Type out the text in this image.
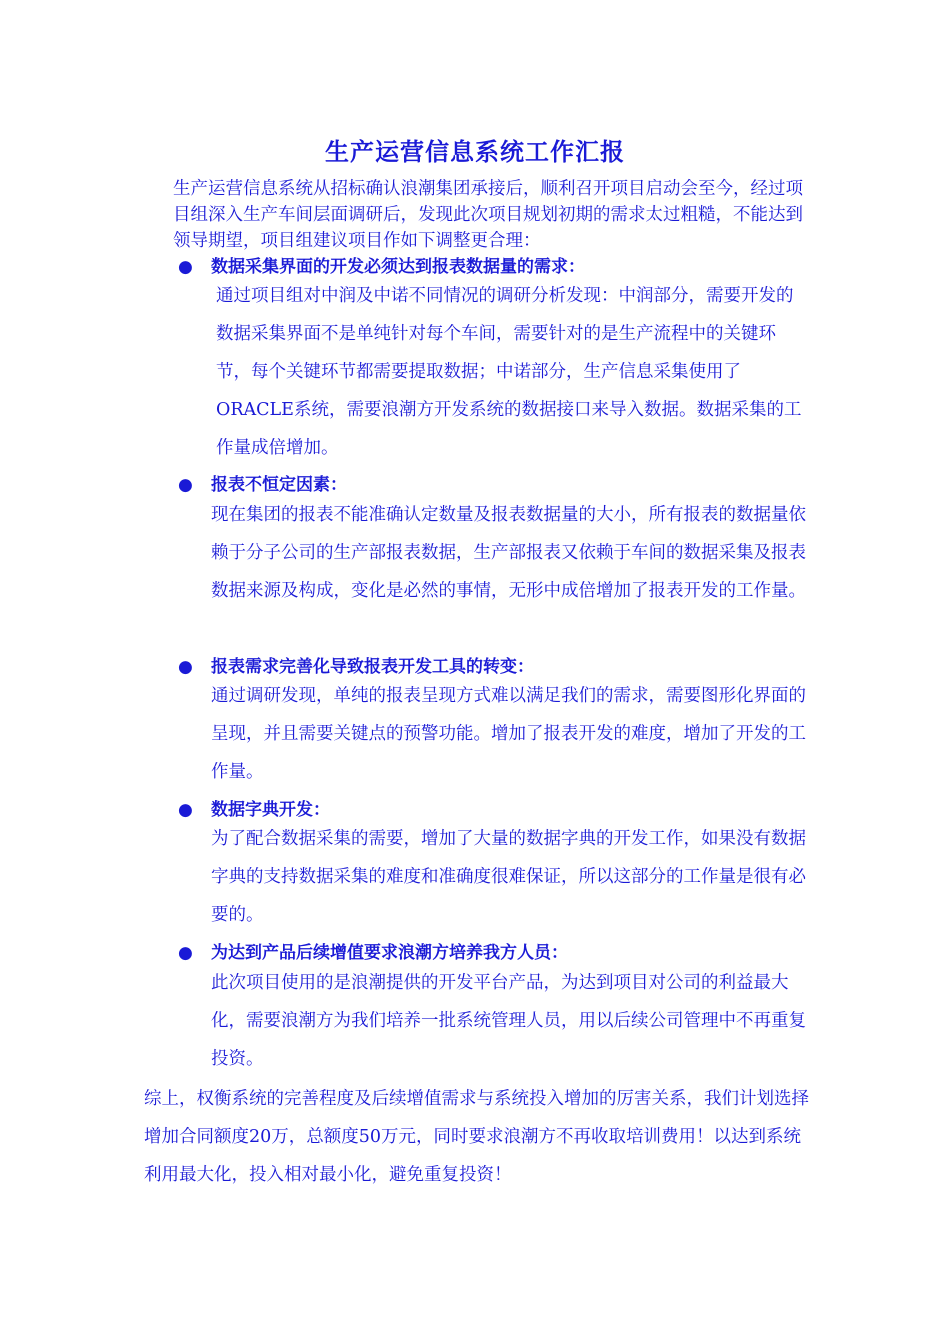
生产运营信息系统工作汇报
生产运营信息系统从招标确认浪潮集团承接后，顺利召开项目启动会至今，经过项目组深入生产车间层面调研后，发现此次项目规划初期的需求太过粗糙，不能达到领导期望，项目组建议项目作如下调整更合理：
● 数据采集界面的开发必须达到报表数据量的需求：
通过项目组对中润及中诺不同情况的调研分析发现：中润部分，需要开发的数据采集界面不是单纯针对每个车间，需要针对的是生产流程中的关键环节，每个关键环节都需要提取数据；中诺部分，生产信息采集使用了ORACLE系统，需要浪潮方开发系统的数据接口来导入数据。数据采集的工作量成倍增加。
● 报表不恒定因素：
现在集团的报表不能准确认定数量及报表数据量的大小，所有报表的数据量依赖于分子公司的生产部报表数据，生产部报表又依赖于车间的数据采集及报表数据来源及构成，变化是必然的事情，无形中成倍增加了报表开发的工作量。
● 报表需求完善化导致报表开发工具的转变：
通过调研发现，单纯的报表呈现方式难以满足我们的需求，需要图形化界面的呈现，并且需要关键点的预警功能。增加了报表开发的难度，增加了开发的工作量。
● 数据字典开发：
为了配合数据采集的需要，增加了大量的数据字典的开发工作，如果没有数据字典的支持数据采集的难度和准确度很难保证，所以这部分的工作量是很有必要的。
● 为达到产品后续增值要求浪潮方培养我方人员：
此次项目使用的是浪潮提供的开发平台产品，为达到项目对公司的利益最大化，需要浪潮方为我们培养一批系统管理人员，用以后续公司管理中不再重复投资。
综上，权衡系统的完善程度及后续增值需求与系统投入增加的厉害关系，我们计划选择增加合同额度20万，总额度50万元，同时要求浪潮方不再收取培训费用！以达到系统利用最大化，投入相对最小化，避免重复投资！
